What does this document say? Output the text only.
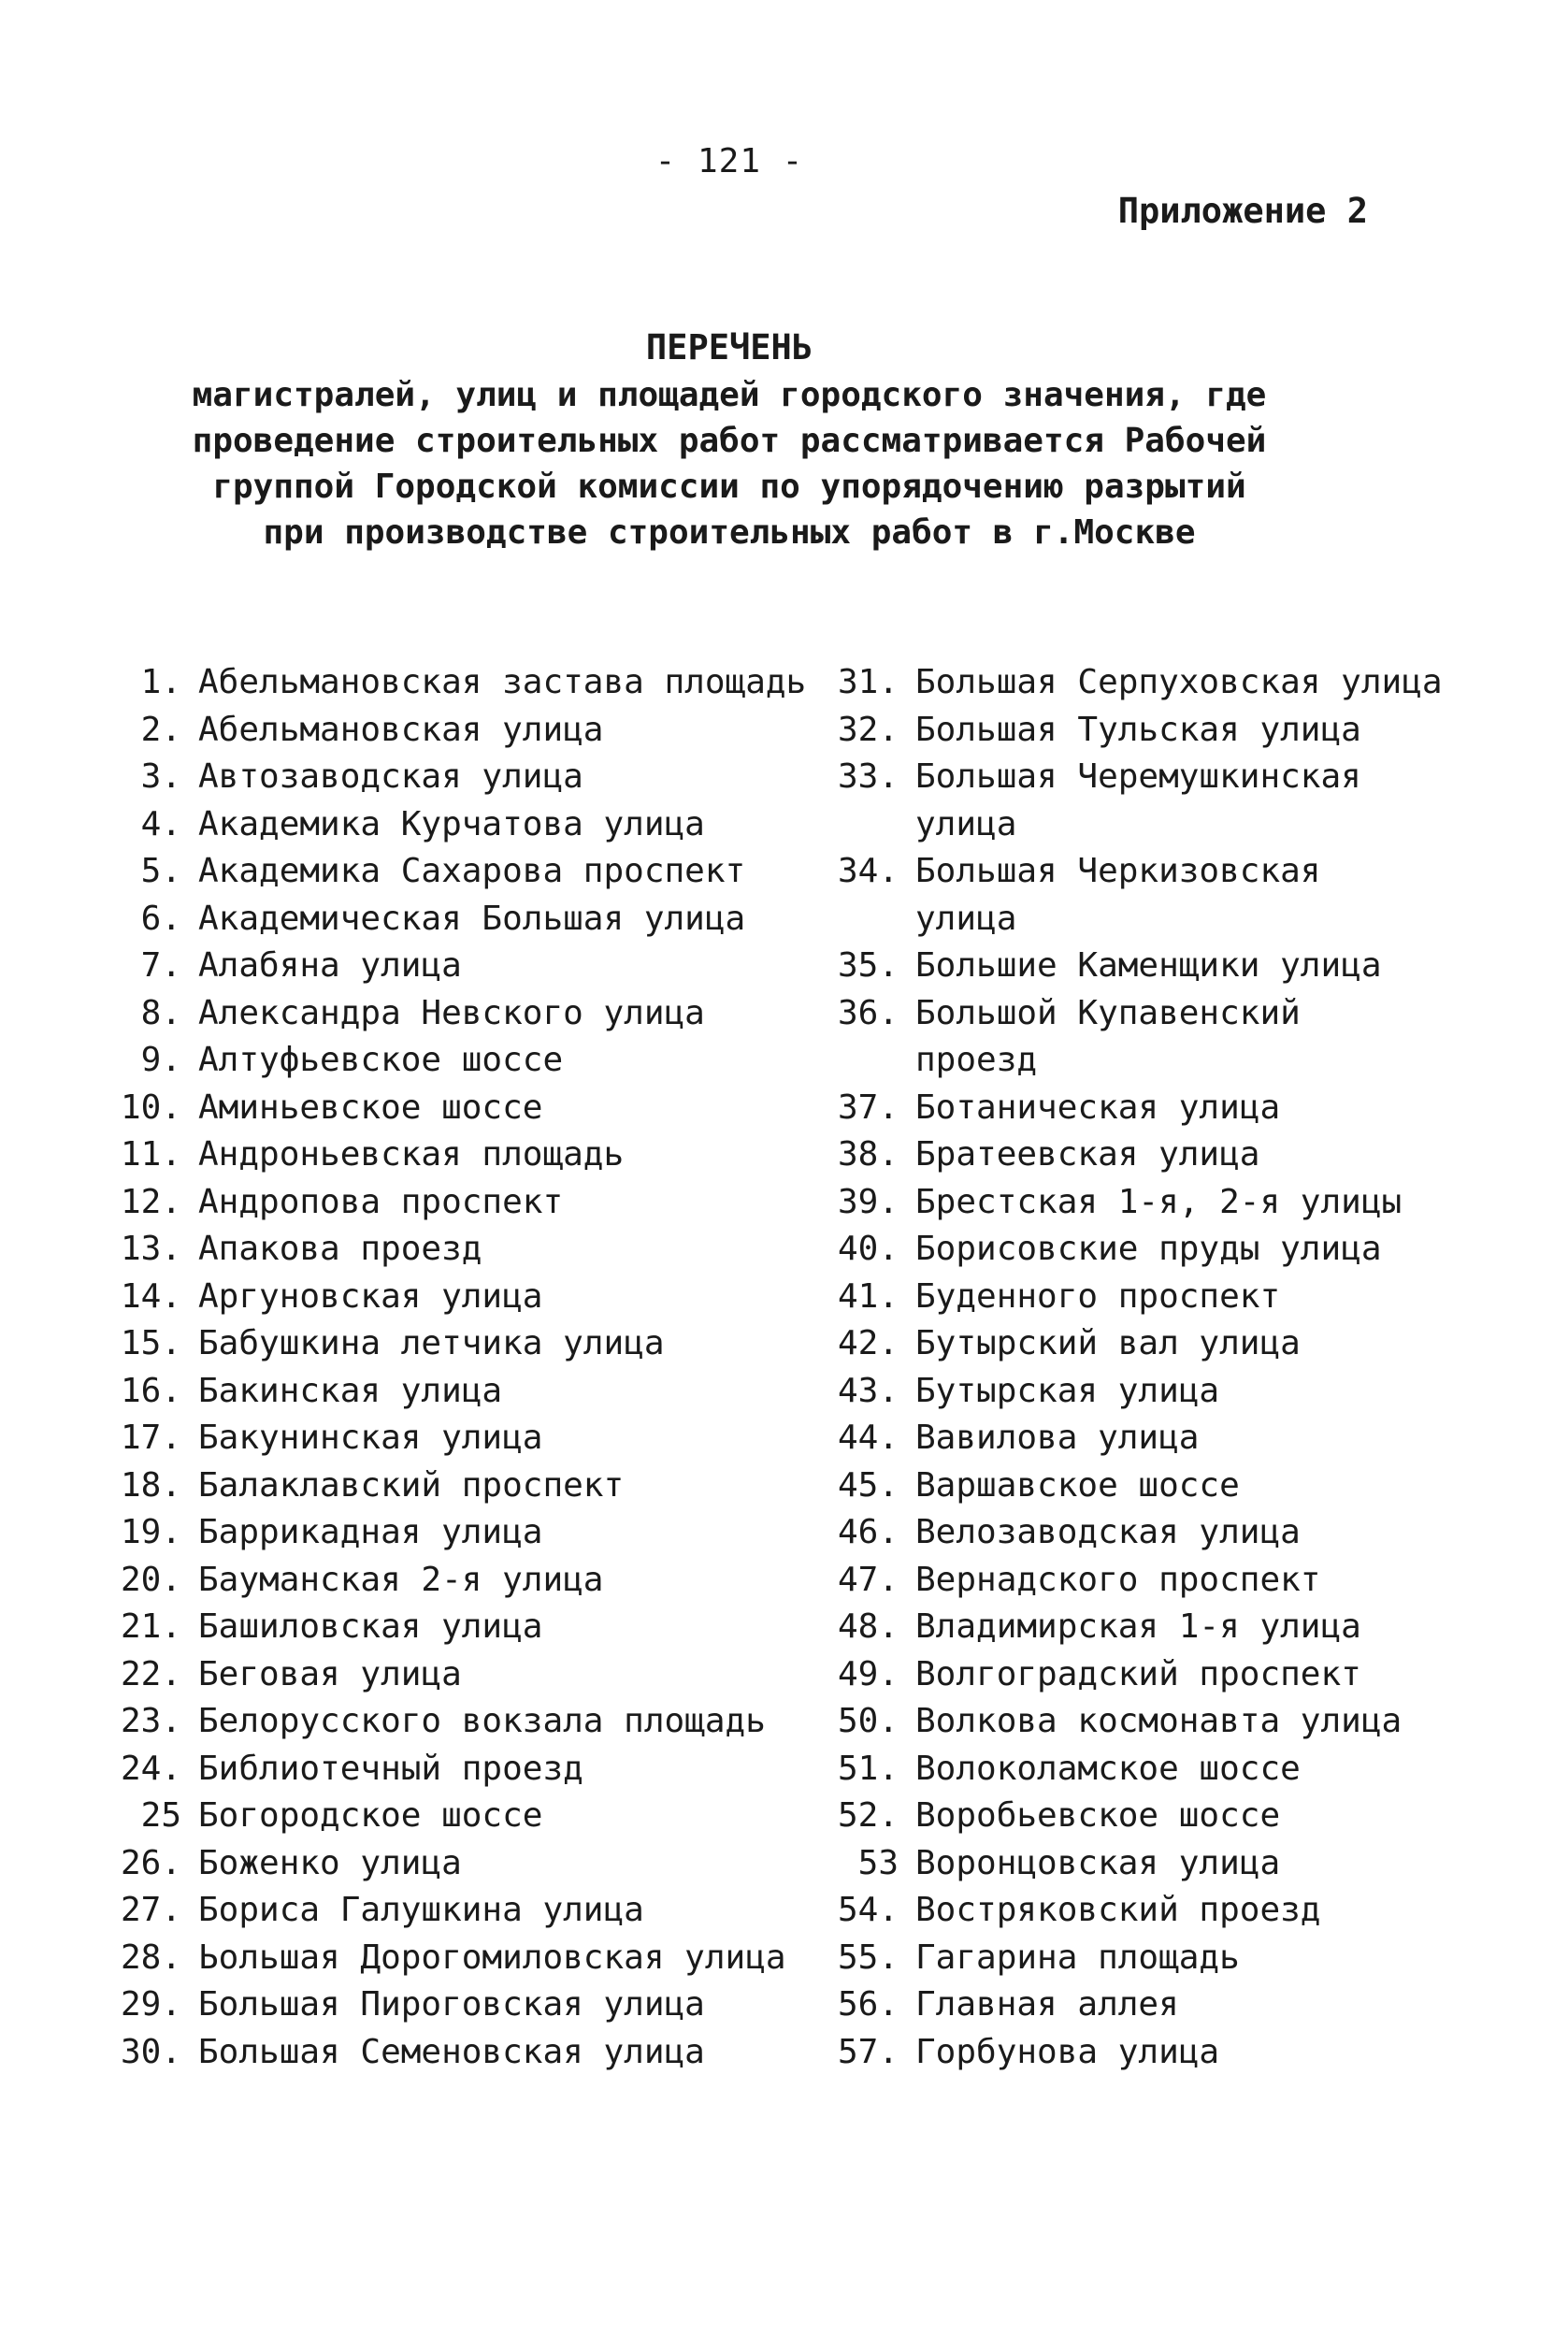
- 121 -
Приложение 2
ПЕРЕЧЕНЬ
магистралей, улиц и площадей городского значения, где
проведение строительных работ рассматривается Рабочей
группой Городской комиссии по упорядочению разрытий
при производстве строительных работ в г.Москве
1. Абельмановская застава площадь
2. Абельмановская улица
3. Автозаводская улица
4. Академика Курчатова улица
5. Академика Сахарова проспект
6. Академическая Большая улица
7. Алабяна улица
8. Александра Невского улица
9. Алтуфьевское шоссе
10. Аминьевское шоссе
11. Андроньевская площадь
12. Андропова проспект
13. Апакова проезд
14. Аргуновская улица
15. Бабушкина летчика улица
16. Бакинская улица
17. Бакунинская улица
18. Балаклавский проспект
19. Баррикадная улица
20. Бауманская 2-я улица
21. Башиловская улица
22. Беговая улица
23. Белорусского вокзала площадь
24. Библиотечный проезд
25 Богородское шоссе
26. Боженко улица
27. Бориса Галушкина улица
28. Ьольшая Дорогомиловская улица
29. Большая Пироговская улица
30. Большая Семеновская улица
31. Большая Серпуховская улица
32. Большая Тульская улица
33. Большая Черемушкинская
улица
34. Большая Черкизовская
улица
35. Большие Каменщики улица
36. Большой Купавенский
проезд
37. Ботаническая улица
38. Братеевская улица
39. Брестская 1-я, 2-я улицы
40. Борисовские пруды улица
41. Буденного проспект
42. Бутырский вал улица
43. Бутырская улица
44. Вавилова улица
45. Варшавское шоссе
46. Велозаводская улица
47. Вернадского проспект
48. Владимирская 1-я улица
49. Волгоградский проспект
50. Волкова космонавта улица
51. Волоколамское шоссе
52. Воробьевское шоссе
53 Воронцовская улица
54. Востряковский проезд
55. Гагарина площадь
56. Главная аллея
57. Горбунова улица
